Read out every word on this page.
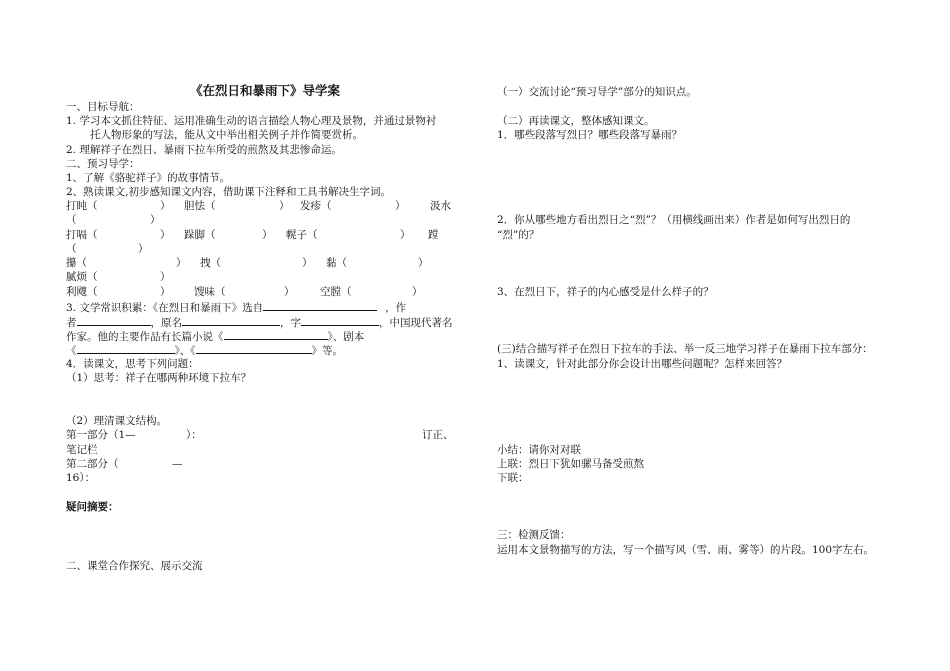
《在烈日和暴雨下》导学案
一、目标导航：
1. 学习本文抓住特征、运用准确生动的语言描绘人物心理及景物，并通过景物衬
托人物形象的写法，能从文中举出相关例子并作简要赏析。
2. 理解祥子在烈日、暴雨下拉车所受的煎熬及其悲惨命运。
二、预习导学：
1、了解《骆驼祥子》的故事情节。
2、熟读课文,初步感知课文内容，借助课下注释和工具书解决生字词。
打盹（	） 胆怯（	） 发疹（	） 汲水
（	）
打嗝（	） 跺脚（	） 幌子（	） 蹚
（	）
攥（	） 拽（	） 黏（	）
腻烦（	）
利飕（	） 馊味（	） 空膛（	）
3. 文学常识积累：《在烈日和暴雨下》选自	，作
者	，原名	，字	，中国现代著名
作家。他的主要作品有长篇小说《	》、剧本
《	》、《	》等。
4．读课文，思考下列问题：
（1）思考：祥子在哪两种环境下拉车？
（2）理清课文结构。
第一部分（1—	）：	订正、
笔记栏
第二部分（	—
16）：
疑问摘要：
二、课堂合作探究、展示交流
（一）交流讨论“预习导学”部分的知识点。
（二）再读课文，整体感知课文。
1．哪些段落写烈日？哪些段落写暴雨？
2．你从哪些地方看出烈日之“烈”？（用横线画出来）作者是如何写出烈日的
“烈”的？
3、在烈日下，祥子的内心感受是什么样子的？
(三)结合描写祥子在烈日下拉车的手法、举一反三地学习祥子在暴雨下拉车部分：
1、读课文，针对此部分你会设计出哪些问题呢？怎样来回答？
小结：请你对对联
上联：烈日下犹如骡马备受煎熬
下联：
三：检测反馈：
运用本文景物描写的方法，写一个描写风（雪、雨、雾等）的片段。100字左右。
